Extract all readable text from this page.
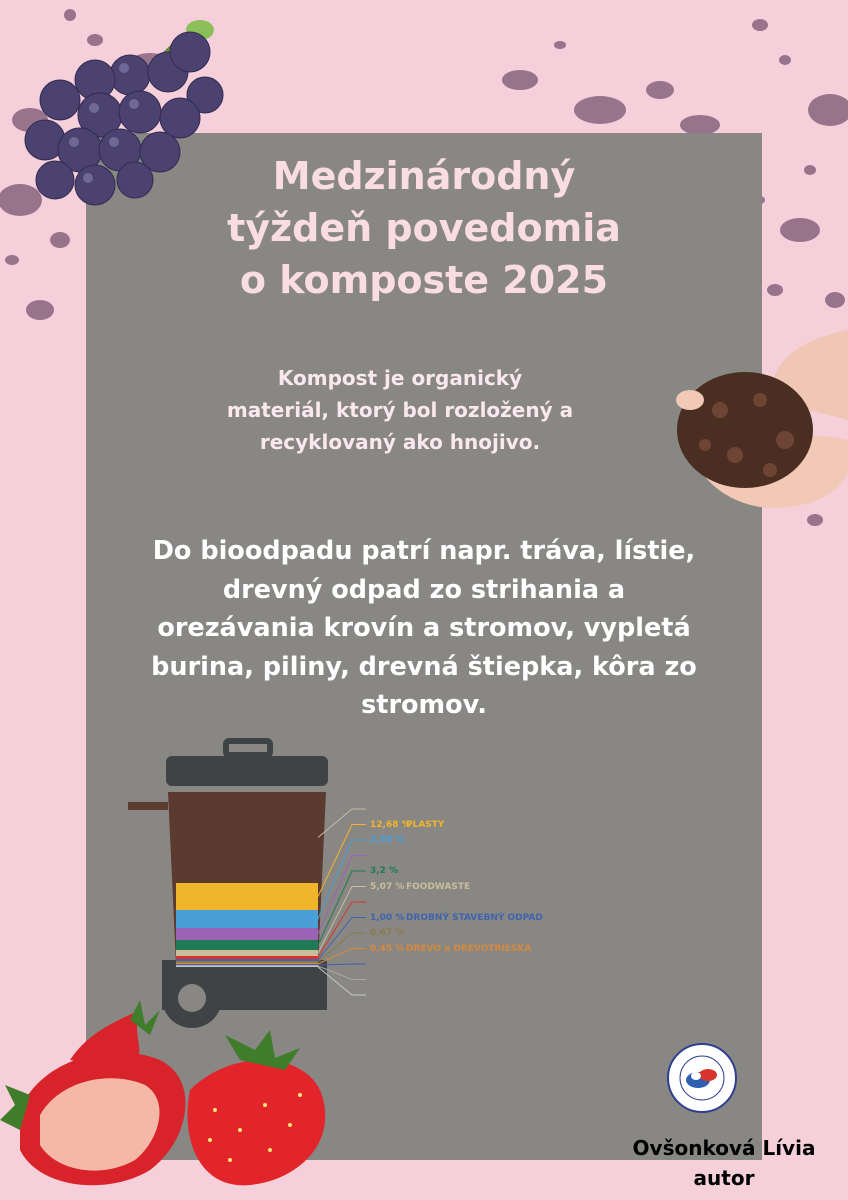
Medzinárodný
týždeň povedomia
o komposte 2025
Kompost je organický
materiál, ktorý bol rozložený a
recyklovaný ako hnojivo.
Do bioodpadu patrí napr. tráva, lístie,
drevný odpad zo strihania a
orezávania krovín a stromov, vypletá
burina, piliny, drevná štiepka, kôra zo
stromov.
12,68 %PLASTY
2,98 %
3,2 %
5,07 % FOODWASTE
1,00 % DROBNÝ STAVEBNÝ ODPAD
0,67 %
0,45 % DREVO a DREVOTRIESKA
Ovšonková Lívia
autor
